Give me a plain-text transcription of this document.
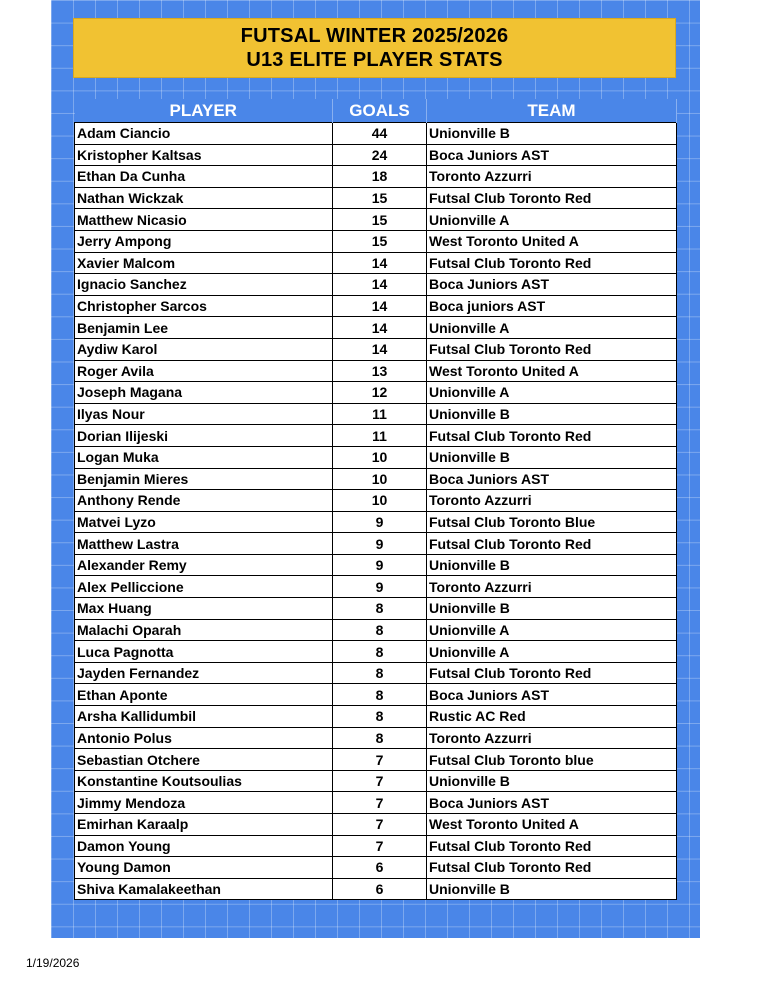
FUTSAL WINTER 2025/2026
U13 ELITE PLAYER STATS
PLAYER	GOALS	TEAM
Adam Ciancio	44	Unionville B
Kristopher Kaltsas	24	Boca Juniors AST
Ethan Da Cunha	18	Toronto Azzurri
Nathan Wickzak	15	Futsal Club Toronto Red
Matthew Nicasio	15	Unionville A
Jerry Ampong	15	West Toronto United A
Xavier Malcom	14	Futsal Club Toronto Red
Ignacio Sanchez	14	Boca Juniors AST
Christopher Sarcos	14	Boca juniors AST
Benjamin Lee	14	Unionville A
Aydiw Karol	14	Futsal Club Toronto Red
Roger Avila	13	West Toronto United A
Joseph Magana	12	Unionville A
Ilyas Nour	11	Unionville B
Dorian Ilijeski	11	Futsal Club Toronto Red
Logan Muka	10	Unionville B
Benjamin Mieres	10	Boca Juniors AST
Anthony Rende	10	Toronto Azzurri
Matvei Lyzo	9	Futsal Club Toronto Blue
Matthew Lastra	9	Futsal Club Toronto Red
Alexander Remy	9	Unionville B
Alex Pelliccione	9	Toronto Azzurri
Max Huang	8	Unionville B
Malachi Oparah	8	Unionville A
Luca Pagnotta	8	Unionville A
Jayden Fernandez	8	Futsal Club Toronto Red
Ethan Aponte	8	Boca Juniors AST
Arsha Kallidumbil	8	Rustic AC Red
Antonio Polus	8	Toronto Azzurri
Sebastian Otchere	7	Futsal Club Toronto blue
Konstantine Koutsoulias	7	Unionville B
Jimmy Mendoza	7	Boca Juniors AST
Emirhan Karaalp	7	West Toronto United A
Damon Young	7	Futsal Club Toronto Red
Young Damon	6	Futsal Club Toronto Red
Shiva Kamalakeethan	6	Unionville B
1/19/2026
